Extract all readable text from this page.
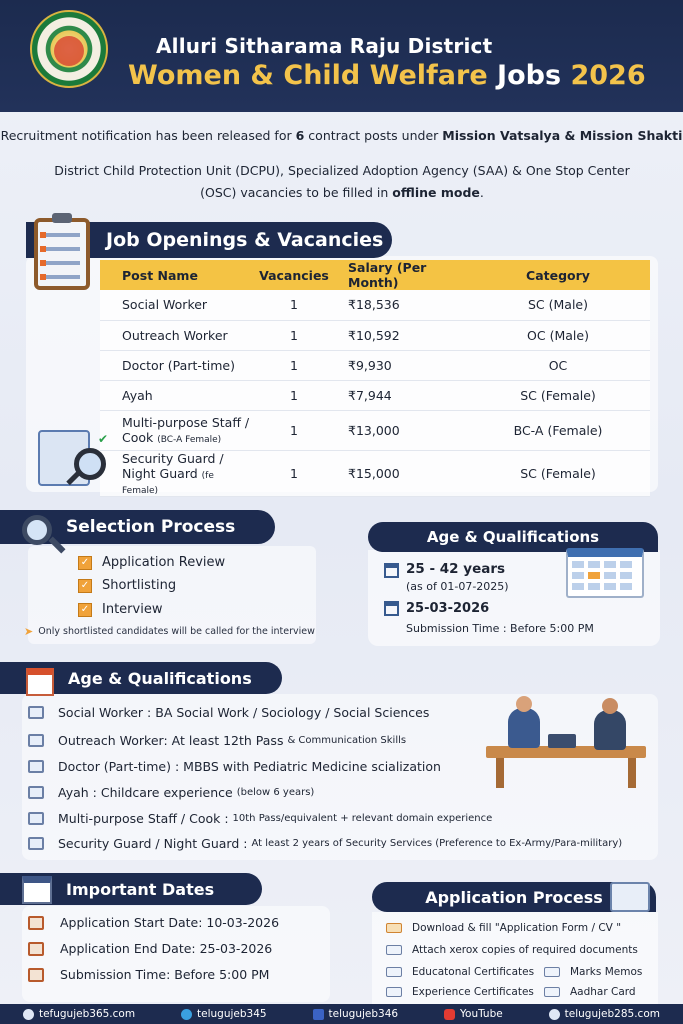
Alluri Sitharama Raju District
Women & Child Welfare Jobs 2026
Recruitment notification has been released for 6 contract posts under Mission Vatsalya & Mission Shakti
District Child Protection Unit (DCPU), Specialized Adoption Agency (SAA) & One Stop Center (OSC) vacancies to be filled in offline mode.
Job Openings & Vacancies
Post Name	Vacancies	Salary (Per Month)	Category
Social Worker	1	₹18,536	SC (Male)
Outreach Worker	1	₹10,592	OC (Male)
Doctor (Part-time)	1	₹9,930	OC
Ayah	1	₹7,944	SC (Female)
Multi-purpose Staff / Cook (BC-A Female)	1	₹13,000	BC-A (Female)
Security Guard / Night Guard (fe Female)	1	₹15,000	SC (Female)
✔
Selection Process
✓ Application Review
✓ Shortlisting
✓ Interview
➤ Only shortlisted candidates will be called for the interview
Age & Qualifications
25 - 42 years
(as of 01-07-2025)
25-03-2026
Submission Time : Before 5:00 PM
Age & Qualifications
Social Worker :
BA Social Work / Sociology / Social Sciences
Outreach Worker:
At least 12th Pass
& Communication Skills
Doctor (Part-time) :
MBBS with Pediatric Medicine scialization
Ayah :
Childcare experience
(below 6 years)
Multi-purpose Staff / Cook :
10th Pass/equivalent + relevant domain experience
Security Guard / Night Guard :
At least 2 years of Security Services (Preference to Ex-Army/Para-military)
Important Dates
Application Start Date: 10-03-2026
Application End Date: 25-03-2026
Submission Time: Before 5:00 PM
Application Process
Download & fill "Application Form / CV "
Attach xerox copies of required documents
Educatonal Certificates	Marks Memos
Experience Certificates	Aadhar Card
tefugujeb365.com	telugujeb345	telugujeb346	YouTube	telugujeb285.com
